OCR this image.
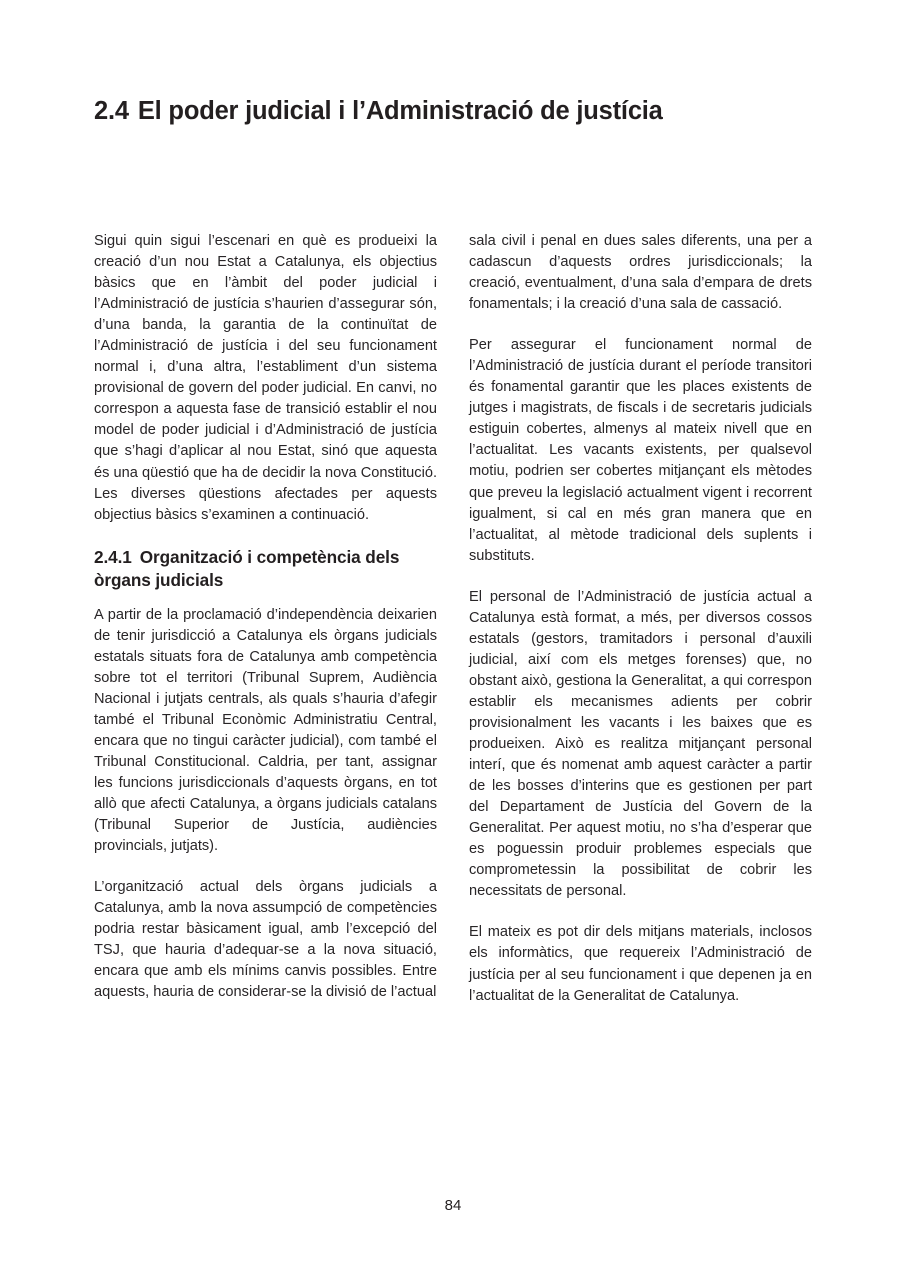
2.4 El poder judicial i l’Administració de justícia

Sigui quin sigui l’escenari en què es produeixi la creació d’un nou Estat a Catalunya, els objectius bàsics que en l’àmbit del poder judicial i l’Administració de justícia s’haurien d’assegurar són, d’una banda, la garantia de la continuïtat de l’Administració de justícia i del seu funcionament normal i, d’una altra, l’establiment d’un sistema provisional de govern del poder judicial. En canvi, no correspon a aquesta fase de transició establir el nou model de poder judicial i d’Administració de justícia que s’hagi d’aplicar al nou Estat, sinó que aquesta és una qüestió que ha de decidir la nova Constitució. Les diverses qüestions afectades per aquests objectius bàsics s’examinen a continuació.

2.4.1 Organització i competència dels òrgans judicials

A partir de la proclamació d’independència deixarien de tenir jurisdicció a Catalunya els òrgans judicials estatals situats fora de Catalunya amb competència sobre tot el territori (Tribunal Suprem, Audiència Nacional i jutjats centrals, als quals s’hauria d’afegir també el Tribunal Econòmic Administratiu Central, encara que no tingui caràcter judicial), com també el Tribunal Constitucional. Caldria, per tant, assignar les funcions jurisdiccionals d’aquests òrgans, en tot allò que afecti Catalunya, a òrgans judicials catalans (Tribunal Superior de Justícia, audiències provincials, jutjats).

L’organització actual dels òrgans judicials a Catalunya, amb la nova assumpció de competències podria restar bàsicament igual, amb l’excepció del TSJ, que hauria d’adequar-se a la nova situació, encara que amb els mínims canvis possibles. Entre aquests, hauria de considerar-se la divisió de l’actual

sala civil i penal en dues sales diferents, una per a cadascun d’aquests ordres jurisdiccionals; la creació, eventualment, d’una sala d’empara de drets fonamentals; i la creació d’una sala de cassació.

Per assegurar el funcionament normal de l’Administració de justícia durant el període transitori és fonamental garantir que les places existents de jutges i magistrats, de fiscals i de secretaris judicials estiguin cobertes, almenys al mateix nivell que en l’actualitat. Les vacants existents, per qualsevol motiu, podrien ser cobertes mitjançant els mètodes que preveu la legislació actualment vigent i recorrent igualment, si cal en més gran manera que en l’actualitat, al mètode tradicional dels suplents i substituts.

El personal de l’Administració de justícia actual a Catalunya està format, a més, per diversos cossos estatals (gestors, tramitadors i personal d’auxili judicial, així com els metges forenses) que, no obstant això, gestiona la Generalitat, a qui correspon establir els mecanismes adients per cobrir provisionalment les vacants i les baixes que es produeixen. Això es realitza mitjançant personal interí, que és nomenat amb aquest caràcter a partir de les bosses d’interins que es gestionen per part del Departament de Justícia del Govern de la Generalitat. Per aquest motiu, no s’ha d’esperar que es poguessin produir problemes especials que comprometessin la possibilitat de cobrir les necessitats de personal.

El mateix es pot dir dels mitjans materials, inclosos els informàtics, que requereix l’Administració de justícia per al seu funcionament i que depenen ja en l’actualitat de la Generalitat de Catalunya.

84
